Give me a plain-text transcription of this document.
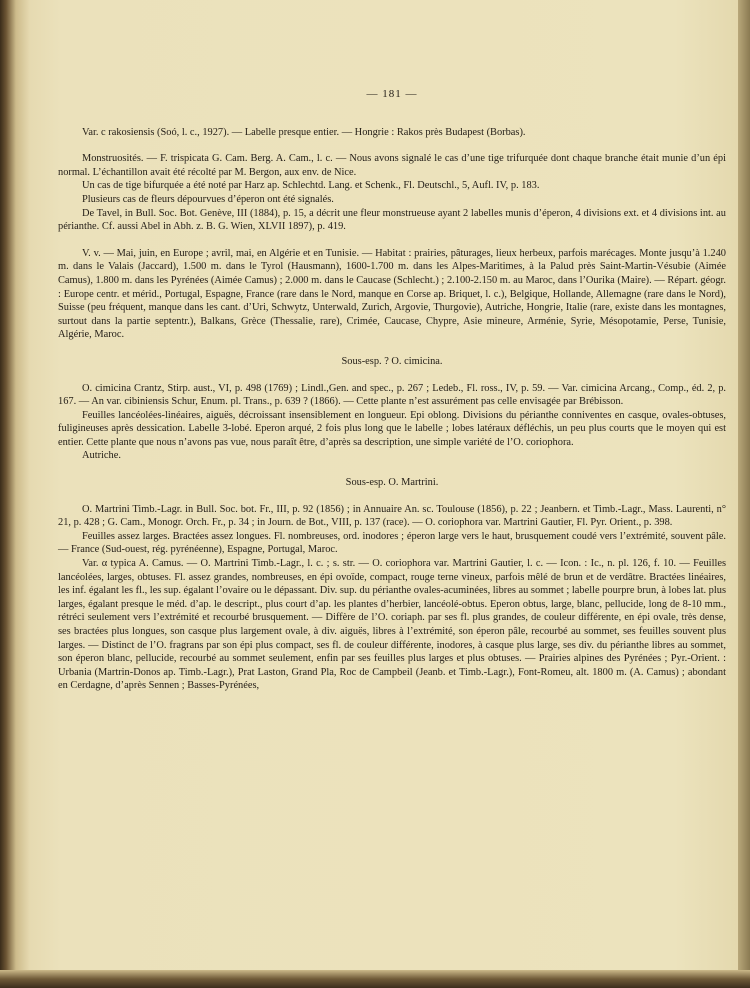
— 181 —

Var. c rakosiensis (Soó, l. c., 1927). — Labelle presque entier. — Hongrie : Rakos près Budapest (Borbas).

Monstruosités. — F. trispicata G. Cam. Berg. A. Cam., l. c. — Nous avons signalé le cas d’une tige trifurquée dont chaque branche était munie d’un épi normal. L’échantillon avait été récolté par M. Bergon, aux env. de Nice.

Un cas de tige bifurquée a été noté par Harz ap. Schlechtd. Lang. et Schenk., Fl. Deutschl., 5, Aufl. IV, p. 183.

Plusieurs cas de fleurs dépourvues d’éperon ont été signalés.

De Tavel, in Bull. Soc. Bot. Genève, III (1884), p. 15, a décrit une fleur monstrueuse ayant 2 labelles munis d’éperon, 4 divisions ext. et 4 divisions int. au périanthe. Cf. aussi Abel in Abh. z. B. G. Wien, XLVII 1897), p. 419.

V. v. — Mai, juin, en Europe ; avril, mai, en Algérie et en Tunisie. — Habitat : prairies, pâturages, lieux herbeux, parfois marécages. Monte jusqu’à 1.240 m. dans le Valais (Jaccard), 1.500 m. dans le Tyrol (Hausmann), 1600-1.700 m. dans les Alpes-Maritimes, à la Palud près Saint-Martin-Vésubie (Aimée Camus), 1.800 m. dans les Pyrénées (Aimée Camus) ; 2.000 m. dans le Caucase (Schlecht.) ; 2.100-2.150 m. au Maroc, dans l’Ourika (Maire). — Répart. géogr. : Europe centr. et mérid., Portugal, Espagne, France (rare dans le Nord, manque en Corse ap. Briquet, l. c.), Belgique, Hollande, Allemagne (rare dans le Nord), Suisse (peu fréquent, manque dans les cant. d’Uri, Schwytz, Unterwald, Zurich, Argovie, Thurgovie), Autriche, Hongrie, Italie (rare, existe dans les montagnes, surtout dans la partie septentr.), Balkans, Grèce (Thessalie, rare), Crimée, Caucase, Chypre, Asie mineure, Arménie, Syrie, Mésopotamie, Perse, Tunisie, Algérie, Maroc.

Sous-esp. ? O. cimicina.

O. cimicina Crantz, Stirp. aust., VI, p. 498 (1769) ; Lindl.,Gen. and spec., p. 267 ; Ledeb., Fl. ross., IV, p. 59. — Var. cimicina Arcang., Comp., éd. 2, p. 167. — An var. cibiniensis Schur, Enum. pl. Trans., p. 639 ? (1866). — Cette plante n’est assurément pas celle envisagée par Brébisson.

Feuilles lancéolées-linéaires, aiguës, décroissant insensiblement en longueur. Epi oblong. Divisions du périanthe conniventes en casque, ovales-obtuses, fuligineuses après dessication. Labelle 3-lobé. Eperon arqué, 2 fois plus long que le labelle ; lobes latéraux défléchis, un peu plus courts que le moyen qui est entier. Cette plante que nous n’avons pas vue, nous paraît être, d’après sa description, une simple variété de l’O. coriophora.

Autriche.

Sous-esp. O. Martrini.

O. Martrini Timb.-Lagr. in Bull. Soc. bot. Fr., III, p. 92 (1856) ; in Annuaire An. sc. Toulouse (1856), p. 22 ; Jeanbern. et Timb.-Lagr., Mass. Laurenti, n° 21, p. 428 ; G. Cam., Monogr. Orch. Fr., p. 34 ; in Journ. de Bot., VIII, p. 137 (race). — O. coriophora var. Martrini Gautier, Fl. Pyr. Orient., p. 398.

Feuilles assez larges. Bractées assez longues. Fl. nombreuses, ord. inodores ; éperon large vers le haut, brusquement coudé vers l’extrémité, souvent pâle.— France (Sud-ouest, rég. pyrénéenne), Espagne, Portugal, Maroc.

Var. α typica A. Camus. — O. Martrini Timb.-Lagr., l. c. ; s. str. — O. coriophora var. Martrini Gautier, l. c. — Icon. : Ic., n. pl. 126, f. 10. — Feuilles lancéolées, larges, obtuses. Fl. assez grandes, nombreuses, en épi ovoïde, compact, rouge terne vineux, parfois mêlé de brun et de verdâtre. Bractées linéaires, les inf. égalant les fl., les sup. égalant l’ovaire ou le dépassant. Div. sup. du périanthe ovales-acuminées, libres au sommet ; labelle pourpre brun, à lobes lat. plus larges, égalant presque le méd. d’ap. le descript., plus court d’ap. les plantes d’herbier, lancéolé-obtus. Eperon obtus, large, blanc, pellucide, long de 8-10 mm., rétréci seulement vers l’extrémité et recourbé brusquement. — Diffère de l’O. coriaph. par ses fl. plus grandes, de couleur différente, en épi ovale, très dense, ses bractées plus longues, son casque plus largement ovale, à div. aiguës, libres à l’extrémité, son éperon pâle, recourbé au sommet, ses feuilles souvent plus larges. — Distinct de l’O. fragrans par son épi plus compact, ses fl. de couleur différente, inodores, à casque plus large, ses div. du périanthe libres au sommet, son éperon blanc, pellucide, recourbé au sommet seulement, enfin par ses feuilles plus larges et plus obtuses. — Prairies alpines des Pyrénées ; Pyr.-Orient. : Urbania (Martrin-Donos ap. Timb.-Lagr.), Prat Laston, Grand Pla, Roc de Campbeil (Jeanb. et Timb.-Lagr.), Font-Romeu, alt. 1800 m. (A. Camus) ; abondant en Cerdagne, d’après Sennen ; Basses-Pyrénées,
